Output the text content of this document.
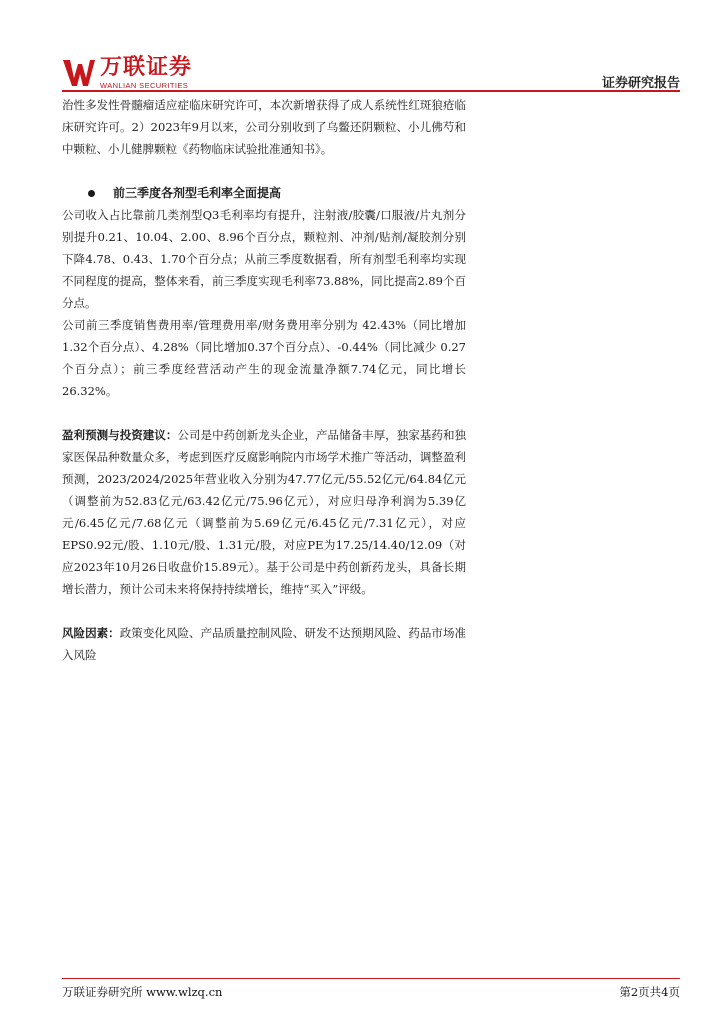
万联证券
WANLIAN SECURITIES	证券研究报告

治性多发性骨髓瘤适应症临床研究许可，本次新增获得了成人系统性红斑狼疮临床研究许可。2）2023年9月以来，公司分别收到了乌鳖还阴颗粒、小儿佛芍和中颗粒、小儿健脾颗粒《药物临床试验批准通知书》。

前三季度各剂型毛利率全面提高

公司收入占比靠前几类剂型Q3毛利率均有提升，注射液/胶囊/口服液/片丸剂分别提升0.21、10.04、2.00、8.96个百分点，颗粒剂、冲剂/贴剂/凝胶剂分别下降4.78、0.43、1.70个百分点；从前三季度数据看，所有剂型毛利率均实现不同程度的提高，整体来看，前三季度实现毛利率73.88%，同比提高2.89个百分点。

公司前三季度销售费用率/管理费用率/财务费用率分别为 42.43%（同比增加1.32个百分点）、4.28%（同比增加0.37个百分点）、-0.44%（同比减少 0.27个百分点）；前三季度经营活动产生的现金流量净额7.74亿元，同比增长26.32%。

盈利预测与投资建议：公司是中药创新龙头企业，产品储备丰厚，独家基药和独家医保品种数量众多，考虑到医疗反腐影响院内市场学术推广等活动，调整盈利预测，2023/2024/2025年营业收入分别为47.77亿元/55.52亿元/64.84亿元（调整前为52.83亿元/63.42亿元/75.96亿元），对应归母净利润为5.39亿元/6.45亿元/7.68亿元（调整前为5.69亿元/6.45亿元/7.31亿元），对应EPS0.92元/股、1.10元/股、1.31元/股，对应PE为17.25/14.40/12.09（对应2023年10月26日收盘价15.89元）。基于公司是中药创新药龙头，具备长期增长潜力，预计公司未来将保持持续增长，维持“买入”评级。

风险因素：政策变化风险、产品质量控制风险、研发不达预期风险、药品市场准入风险

万联证券研究所 www.wlzq.cn	第2页共4页
